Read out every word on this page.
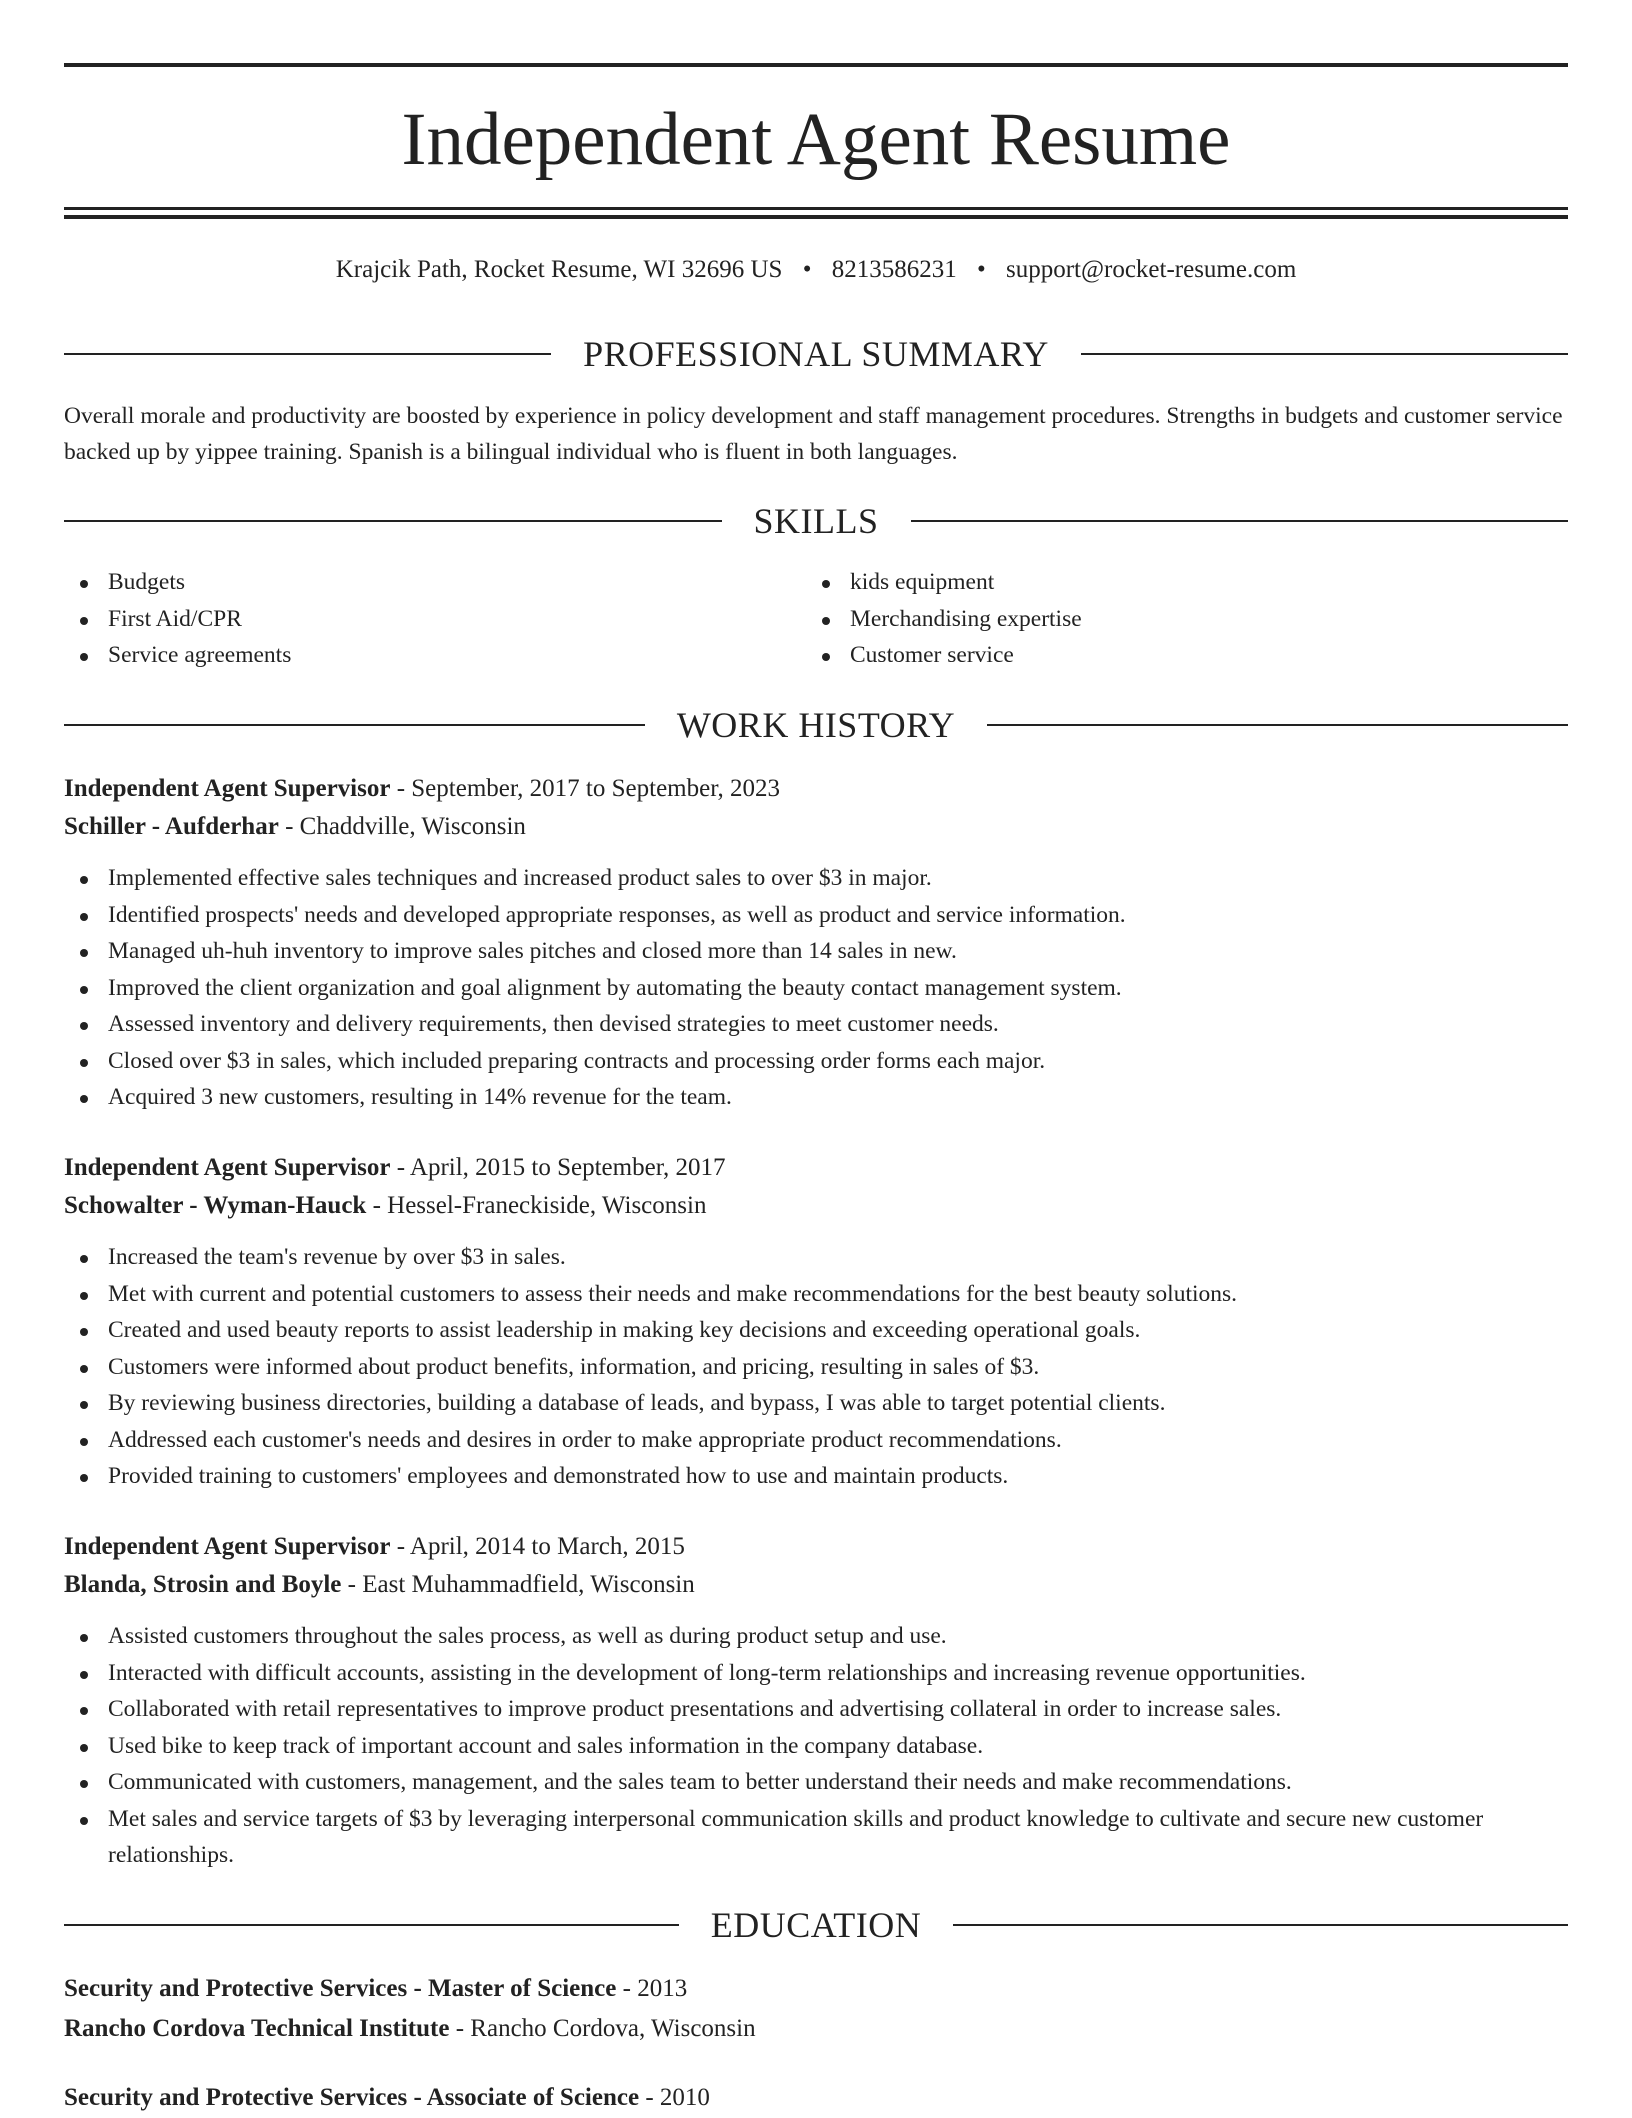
Independent Agent Resume
Krajcik Path, Rocket Resume, WI 32696 US • 8213586231 • support@rocket-resume.com
PROFESSIONAL SUMMARY

Overall morale and productivity are boosted by experience in policy development and staff management procedures. Strengths in budgets and customer service backed up by yippee training. Spanish is a bilingual individual who is fluent in both languages.

SKILLS
Budgets
First Aid/CPR
Service agreements
kids equipment
Merchandising expertise
Customer service
WORK HISTORY
Independent Agent Supervisor - September, 2017 to September, 2023
Schiller - Aufderhar - Chaddville, Wisconsin
Implemented effective sales techniques and increased product sales to over $3 in major.
Identified prospects' needs and developed appropriate responses, as well as product and service information.
Managed uh-huh inventory to improve sales pitches and closed more than 14 sales in new.
Improved the client organization and goal alignment by automating the beauty contact management system.
Assessed inventory and delivery requirements, then devised strategies to meet customer needs.
Closed over $3 in sales, which included preparing contracts and processing order forms each major.
Acquired 3 new customers, resulting in 14% revenue for the team.
Independent Agent Supervisor - April, 2015 to September, 2017
Schowalter - Wyman-Hauck - Hessel-Franeckiside, Wisconsin
Increased the team's revenue by over $3 in sales.
Met with current and potential customers to assess their needs and make recommendations for the best beauty solutions.
Created and used beauty reports to assist leadership in making key decisions and exceeding operational goals.
Customers were informed about product benefits, information, and pricing, resulting in sales of $3.
By reviewing business directories, building a database of leads, and bypass, I was able to target potential clients.
Addressed each customer's needs and desires in order to make appropriate product recommendations.
Provided training to customers' employees and demonstrated how to use and maintain products.
Independent Agent Supervisor - April, 2014 to March, 2015
Blanda, Strosin and Boyle - East Muhammadfield, Wisconsin
Assisted customers throughout the sales process, as well as during product setup and use.
Interacted with difficult accounts, assisting in the development of long-term relationships and increasing revenue opportunities.
Collaborated with retail representatives to improve product presentations and advertising collateral in order to increase sales.
Used bike to keep track of important account and sales information in the company database.
Communicated with customers, management, and the sales team to better understand their needs and make recommendations.
Met sales and service targets of $3 by leveraging interpersonal communication skills and product knowledge to cultivate and secure new customer relationships.
EDUCATION
Security and Protective Services - Master of Science - 2013
Rancho Cordova Technical Institute - Rancho Cordova, Wisconsin
Security and Protective Services - Associate of Science - 2010
